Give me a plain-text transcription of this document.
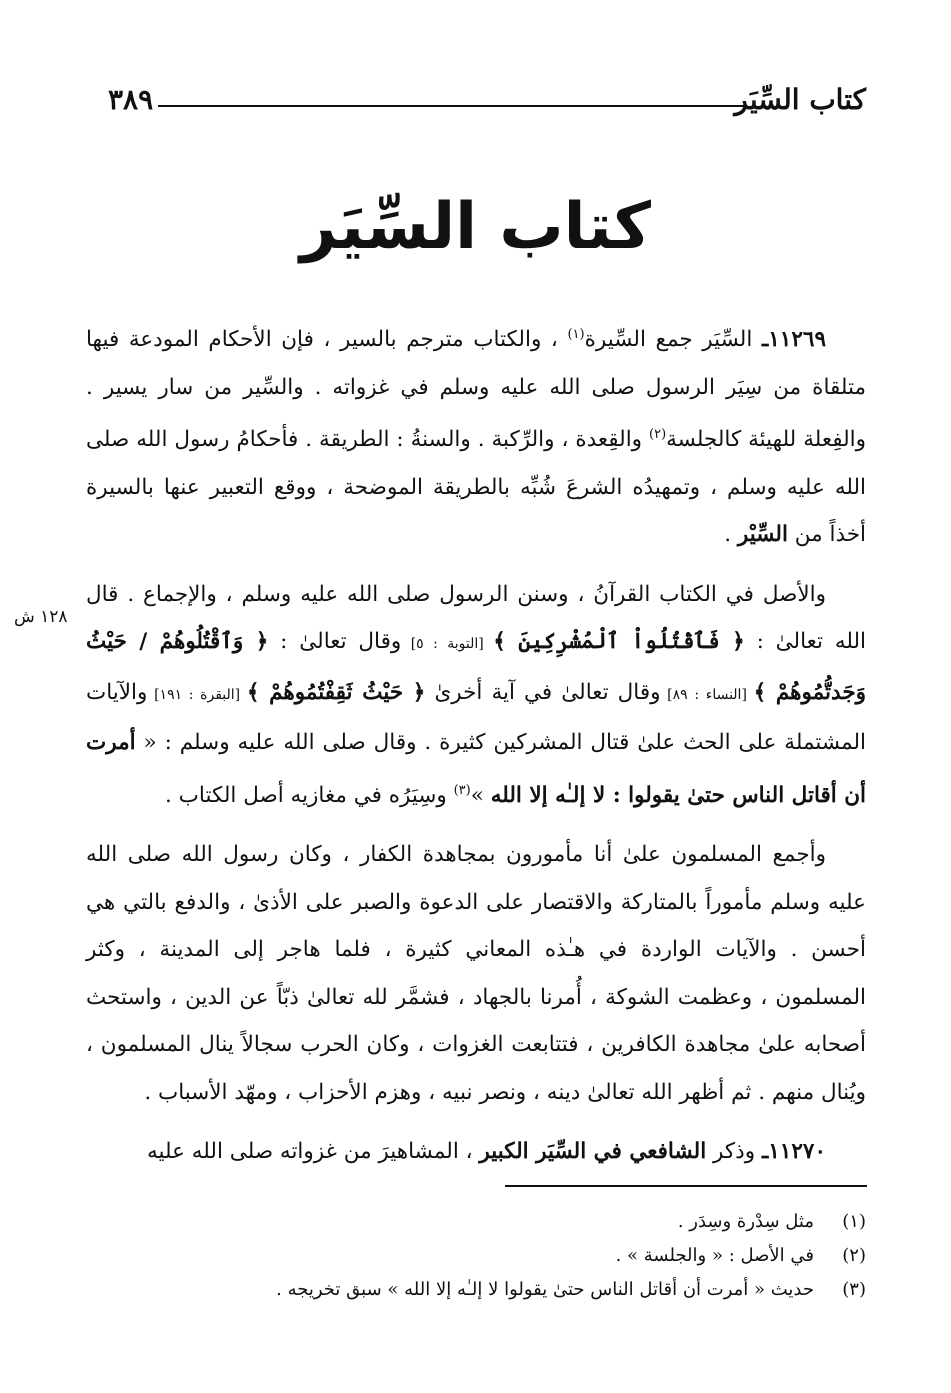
كتاب السِّيَر
٣٨٩
كتاب السِّيَر
١٢٨ ش

١١٢٦٩ـ السِّيَر جمع السِّيرة$^{(١)}$ ، والكتاب مترجم بالسير ، فإن الأحكام المودعة فيها متلقاة من سِيَر الرسول صلى الله عليه وسلم في غزواته . والسِّير من سار يسير . والفِعلة للهيئة كالجلسة$^{(٢)}$ والقِعدة ، والرِّكبة . والسنةُ : الطريقة . فأحكامُ رسول الله صلى الله عليه وسلم ، وتمهيدُه الشرعَ شُبِّه بالطريقة الموضحة ، ووقع التعبير عنها بالسيرة أخذاً من السِّيْر .

والأصل في الكتاب القرآنُ ، وسنن الرسول صلى الله عليه وسلم ، والإجماع . قال الله تعالىٰ : ﴿ فَٱقْتُلُواْ ٱلْمُشْرِكِينَ ﴾ [التوبة : ٥] وقال تعالىٰ : ﴿ وَٱقْتُلُوهُمْ / حَيْثُ وَجَدتُّمُوهُمْ ﴾ [النساء : ٨٩] وقال تعالىٰ في آية أخرىٰ ﴿ حَيْثُ ثَقِفْتُمُوهُمْ ﴾ [البقرة : ١٩١] والآيات المشتملة على الحث علىٰ قتال المشركين كثيرة . وقال صلى الله عليه وسلم : « أمرت أن أقاتل الناس حتىٰ يقولوا : لا إلـٰه إلا الله »$^{(٣)}$ وسِيَرُه في مغازيه أصل الكتاب .

وأجمع المسلمون علىٰ أنا مأمورون بمجاهدة الكفار ، وكان رسول الله صلى الله عليه وسلم مأموراً بالمتاركة والاقتصار على الدعوة والصبر على الأذىٰ ، والدفع بالتي هي أحسن . والآيات الواردة في هـٰذه المعاني كثيرة ، فلما هاجر إلى المدينة ، وكثر المسلمون ، وعظمت الشوكة ، أُمرنا بالجهاد ، فشمَّر لله تعالىٰ ذبّاً عن الدين ، واستحث أصحابه علىٰ مجاهدة الكافرين ، فتتابعت الغزوات ، وكان الحرب سجالاً ينال المسلمون ، ويُنال منهم . ثم أظهر الله تعالىٰ دينه ، ونصر نبيه ، وهزم الأحزاب ، ومهّد الأسباب .

١١٢٧٠ـ وذكر الشافعي في السِّيَر الكبير ، المشاهيرَ من غزواته صلى الله عليه

(١)مثل سِدْرة وسِدَر .
(٢)في الأصل : « والجلسة » .
(٣)حديث « أمرت أن أقاتل الناس حتىٰ يقولوا لا إلـٰه إلا الله » سبق تخريجه .
